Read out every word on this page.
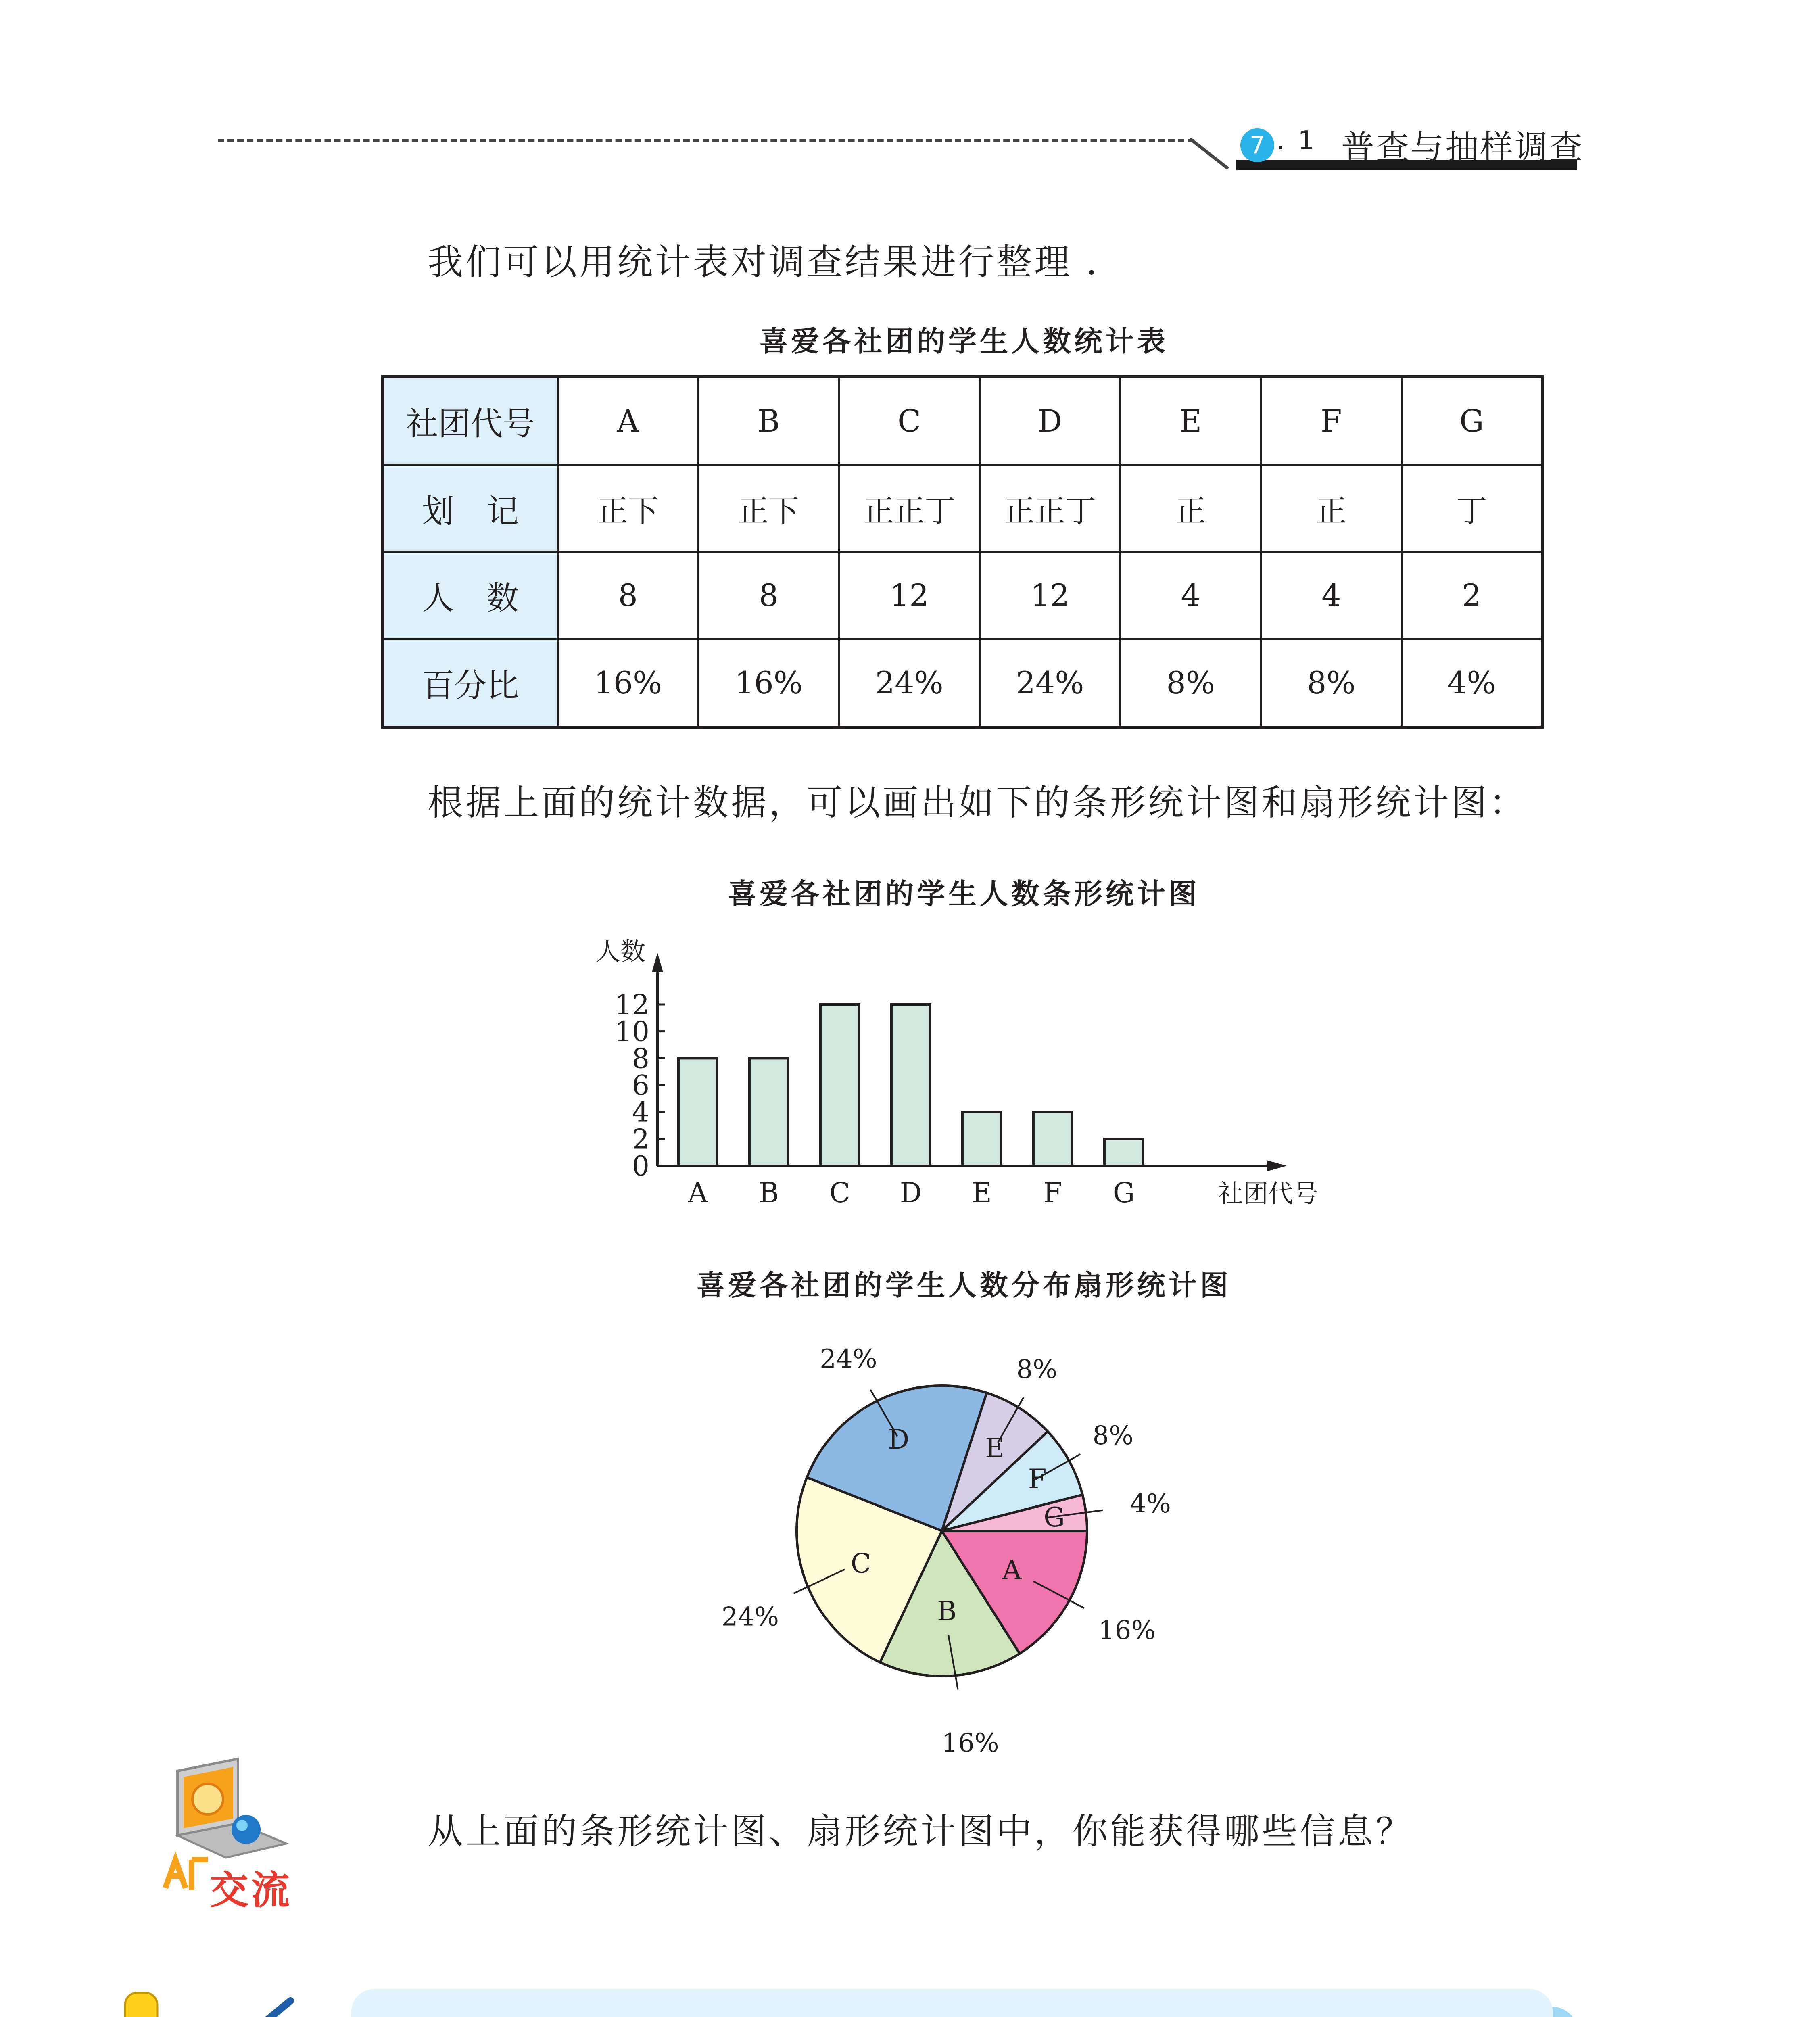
7 . 1 普查与抽样调查
我们可以用统计表对调查结果进行整理 .
喜爱各社团的学生人数统计表
社团代号	A	B	C	D	E	F	G
划　记	正下	正下	正正丁	正正丁	正	正	丁
人　数	8	8	12	12	4	4	2
百分比	16%	16%	24%	24%	8%	8%	4%
根据上面的统计数据，可以画出如下的条形统计图和扇形统计图：
喜爱各社团的学生人数条形统计图
0
2
4
6
8
10
12
人数
社团代号
A B C D E F G
喜爱各社团的学生人数分布扇形统计图
A
16%
B
16%
C
24%
D
24%
E
8%
F
8%
G	4%
交流
从上面的条形统计图、扇形统计图中，你能获得哪些信息？
